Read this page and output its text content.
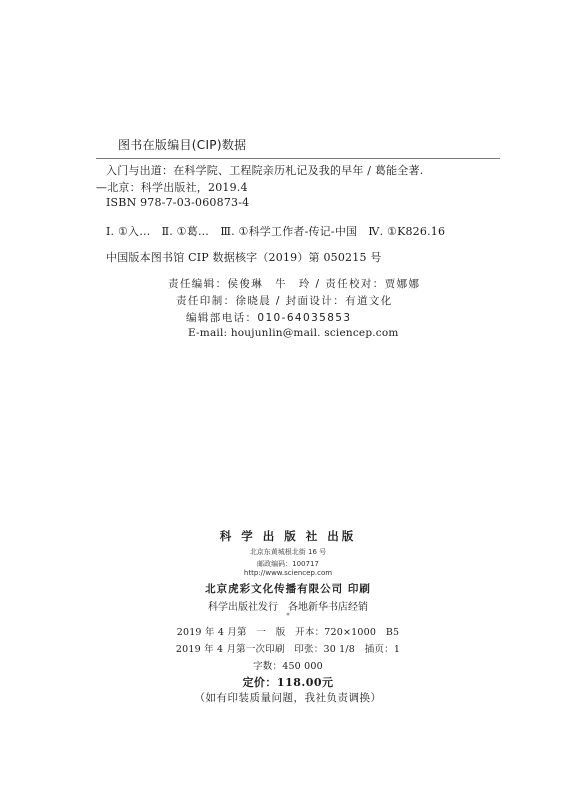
图书在版编目(CIP)数据
入门与出道：在科学院、工程院亲历札记及我的早年 / 葛能全著.
—北京：科学出版社，2019.4
ISBN 978-7-03-060873-4
Ⅰ. ①入…　Ⅱ. ①葛…　Ⅲ. ①科学工作者-传记-中国　Ⅳ. ①K826.16
中国版本图书馆 CIP 数据核字（2019）第 050215 号
责任编辑：侯俊琳　牛　玲 / 责任校对：贾娜娜
责任印制：徐晓晨 / 封面设计：有道文化
编辑部电话：010-64035853
E-mail: houjunlin@mail. sciencep.com
科 学 出 版 社 出版
北京东黄城根北街 16 号
邮政编码：100717
http://www.sciencep.com
北京虎彩文化传播有限公司 印刷
科学出版社发行　各地新华书店经销
*
2019 年 4 月第　一　版　开本：720×1000　B5
2019 年 4 月第一次印刷　印张：30 1/8　插页：1
字数：450 000
定价：118.00元
（如有印装质量问题，我社负责调换）
